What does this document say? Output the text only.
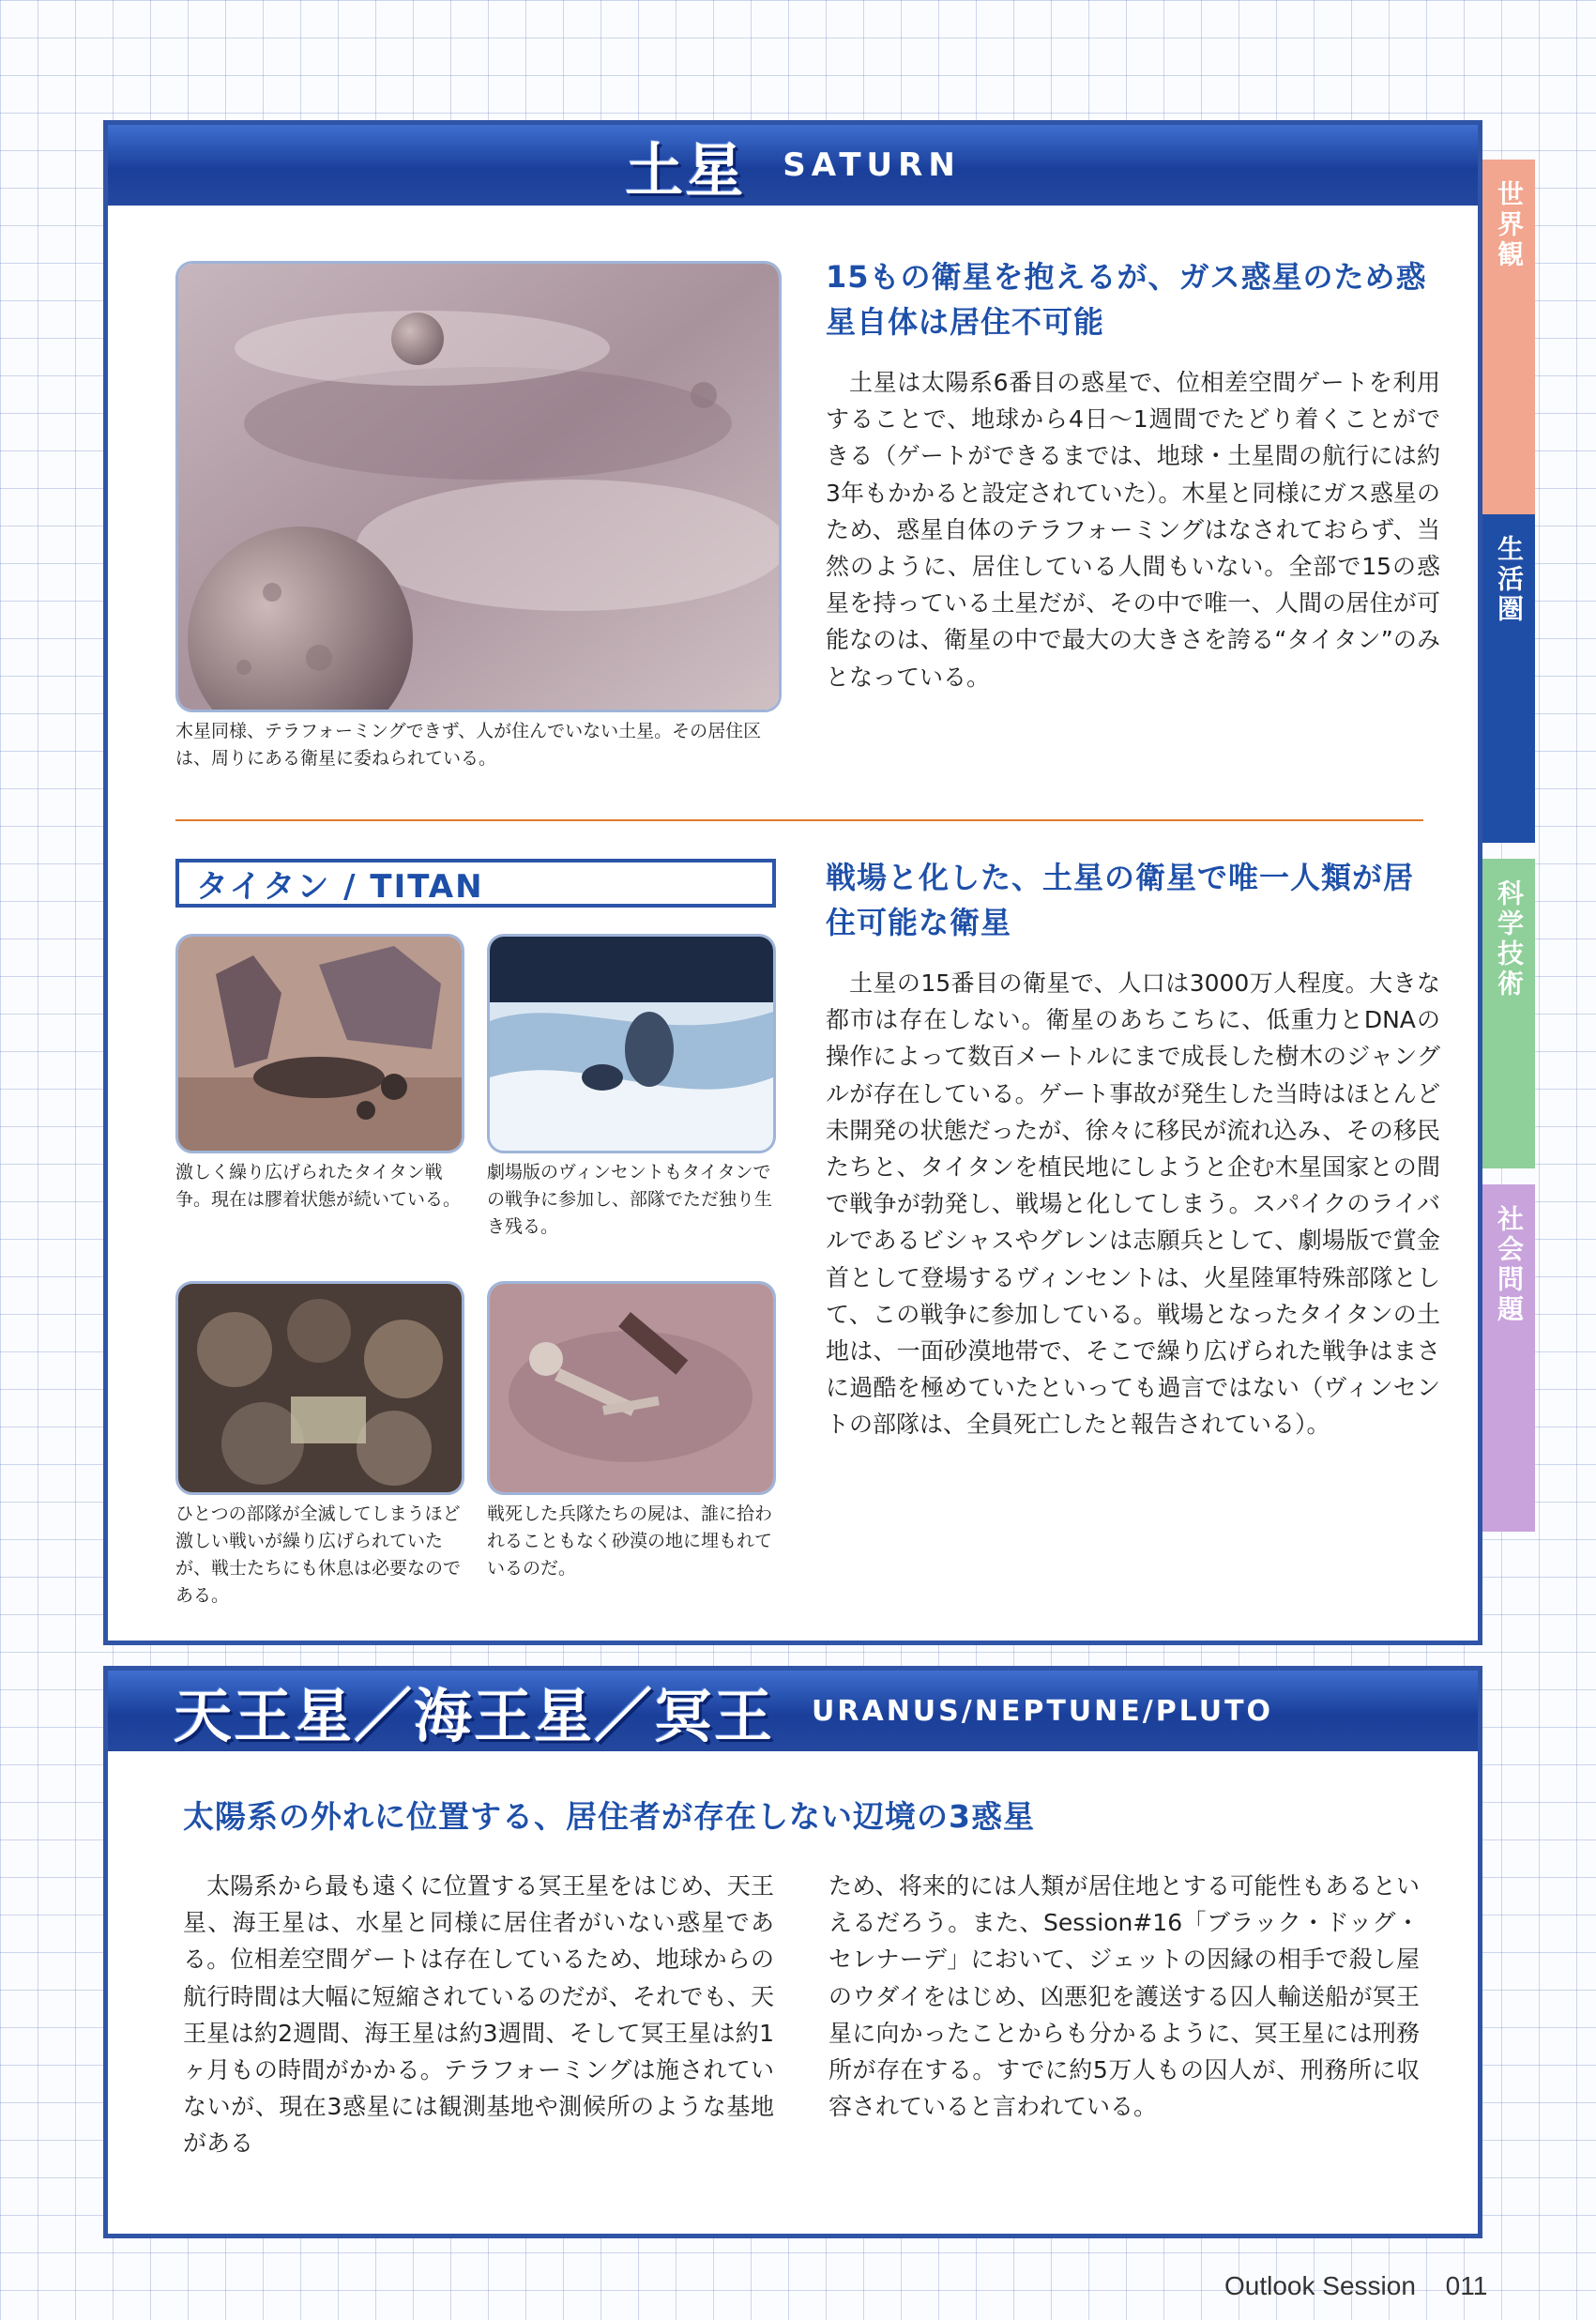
世界観
生活圏
科学技術
社会問題
土星 SATURN
木星同様、テラフォーミングできず、人が住んでいない土星。その居住区は、周りにある衛星に委ねられている。
15もの衛星を抱えるが、ガス惑星のため惑星自体は居住不可能
土星は太陽系6番目の惑星で、位相差空間ゲートを利用することで、地球から4日〜1週間でたどり着くことができる（ゲートができるまでは、地球・土星間の航行には約3年もかかると設定されていた）。木星と同様にガス惑星のため、惑星自体のテラフォーミングはなされておらず、当然のように、居住している人間もいない。全部で15の惑星を持っている土星だが、その中で唯一、人間の居住が可能なのは、衛星の中で最大の大きさを誇る“タイタン”のみとなっている。
タイタン / TITAN
激しく繰り広げられたタイタン戦争。現在は膠着状態が続いている。
劇場版のヴィンセントもタイタンでの戦争に参加し、部隊でただ独り生き残る。
ひとつの部隊が全滅してしまうほど激しい戦いが繰り広げられていたが、戦士たちにも休息は必要なのである。
戦死した兵隊たちの屍は、誰に拾われることもなく砂漠の地に埋もれているのだ。
戦場と化した、土星の衛星で唯一人類が居住可能な衛星
土星の15番目の衛星で、人口は3000万人程度。大きな都市は存在しない。衛星のあちこちに、低重力とDNAの操作によって数百メートルにまで成長した樹木のジャングルが存在している。ゲート事故が発生した当時はほとんど未開発の状態だったが、徐々に移民が流れ込み、その移民たちと、タイタンを植民地にしようと企む木星国家との間で戦争が勃発し、戦場と化してしまう。スパイクのライバルであるビシャスやグレンは志願兵として、劇場版で賞金首として登場するヴィンセントは、火星陸軍特殊部隊として、この戦争に参加している。戦場となったタイタンの土地は、一面砂漠地帯で、そこで繰り広げられた戦争はまさに過酷を極めていたといっても過言ではない（ヴィンセントの部隊は、全員死亡したと報告されている）。
天王星／海王星／冥王 URANUS/NEPTUNE/PLUTO
太陽系の外れに位置する、居住者が存在しない辺境の3惑星
太陽系から最も遠くに位置する冥王星をはじめ、天王星、海王星は、水星と同様に居住者がいない惑星である。位相差空間ゲートは存在しているため、地球からの航行時間は大幅に短縮されているのだが、それでも、天王星は約2週間、海王星は約3週間、そして冥王星は約1ヶ月もの時間がかかる。テラフォーミングは施されていないが、現在3惑星には観測基地や測候所のような基地がある
ため、将来的には人類が居住地とする可能性もあるといえるだろう。また、Session#16「ブラック・ドッグ・セレナーデ」において、ジェットの因縁の相手で殺し屋のウダイをはじめ、凶悪犯を護送する囚人輸送船が冥王星に向かったことからも分かるように、冥王星には刑務所が存在する。すでに約5万人もの囚人が、刑務所に収容されていると言われている。
Outlook Session 011
